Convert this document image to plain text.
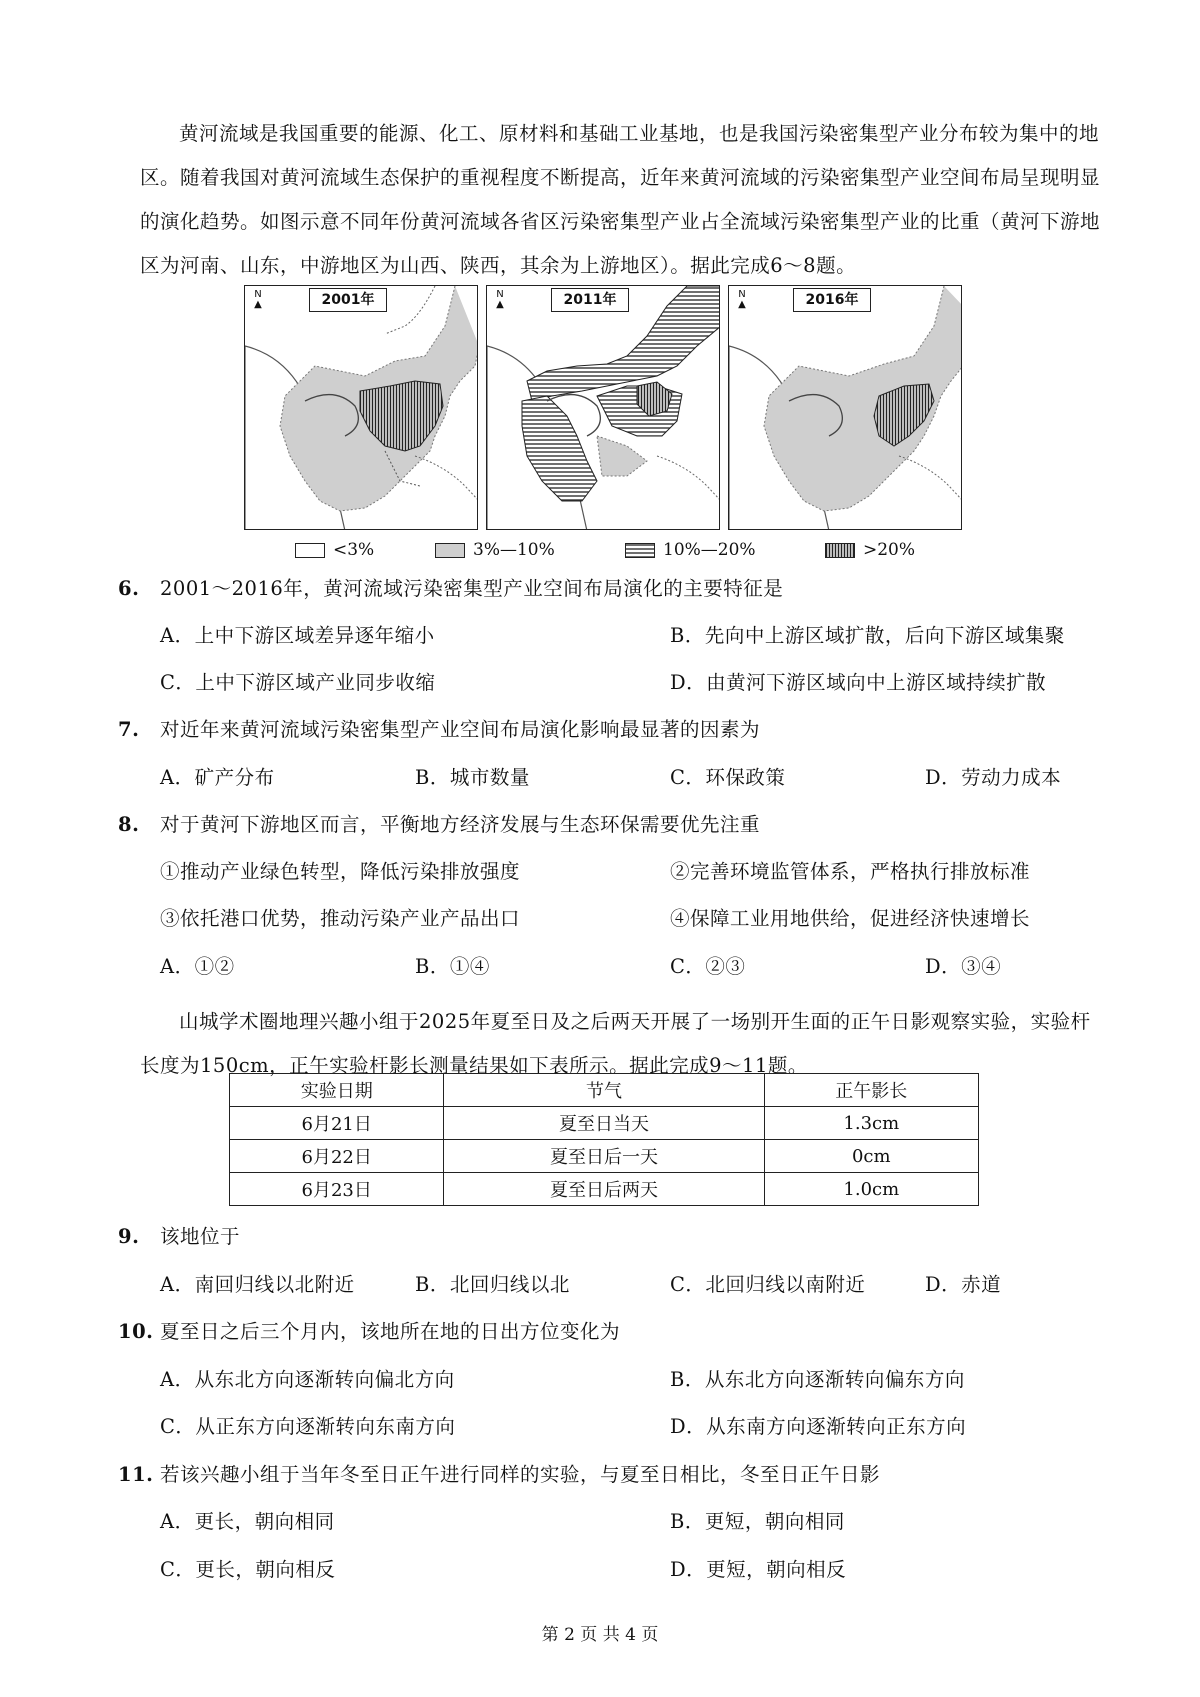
黄河流域是我国重要的能源、化工、原材料和基础工业基地，也是我国污染密集型产业分布较为集中的地区。随着我国对黄河流域生态保护的重视程度不断提高，近年来黄河流域的污染密集型产业空间布局呈现明显的演化趋势。如图示意不同年份黄河流域各省区污染密集型产业占全流域污染密集型产业的比重（黄河下游地区为河南、山东，中游地区为山西、陕西，其余为上游地区）。据此完成6～8题。
N
▲	2001年	N
▲	2011年	N
▲	2016年
<3%	3%—10%	10%—20%	>20%
6. 2001～2016年，黄河流域污染密集型产业空间布局演化的主要特征是
A．上中下游区域差异逐年缩小	B．先向中上游区域扩散，后向下游区域集聚
C．上中下游区域产业同步收缩	D．由黄河下游区域向中上游区域持续扩散
7. 对近年来黄河流域污染密集型产业空间布局演化影响最显著的因素为
A．矿产分布	B．城市数量	C．环保政策	D．劳动力成本
8. 对于黄河下游地区而言，平衡地方经济发展与生态环保需要优先注重
①推动产业绿色转型，降低污染排放强度	②完善环境监管体系，严格执行排放标准
③依托港口优势，推动污染产业产品出口	④保障工业用地供给，促进经济快速增长
A．①②	B．①④	C．②③	D．③④
山城学术圈地理兴趣小组于2025年夏至日及之后两天开展了一场别开生面的正午日影观察实验，实验杆长度为150cm，正午实验杆影长测量结果如下表所示。据此完成9～11题。
实验日期	节气	正午影长
6月21日	夏至日当天	1.3cm
6月22日	夏至日后一天	0cm
6月23日	夏至日后两天	1.0cm
9. 该地位于
A．南回归线以北附近	B．北回归线以北	C．北回归线以南附近	D．赤道
10. 夏至日之后三个月内，该地所在地的日出方位变化为
A．从东北方向逐渐转向偏北方向	B．从东北方向逐渐转向偏东方向
C．从正东方向逐渐转向东南方向	D．从东南方向逐渐转向正东方向
11. 若该兴趣小组于当年冬至日正午进行同样的实验，与夏至日相比，冬至日正午日影
A．更长，朝向相同	B．更短，朝向相同
C．更长，朝向相反	D．更短，朝向相反
第 2 页 共 4 页
